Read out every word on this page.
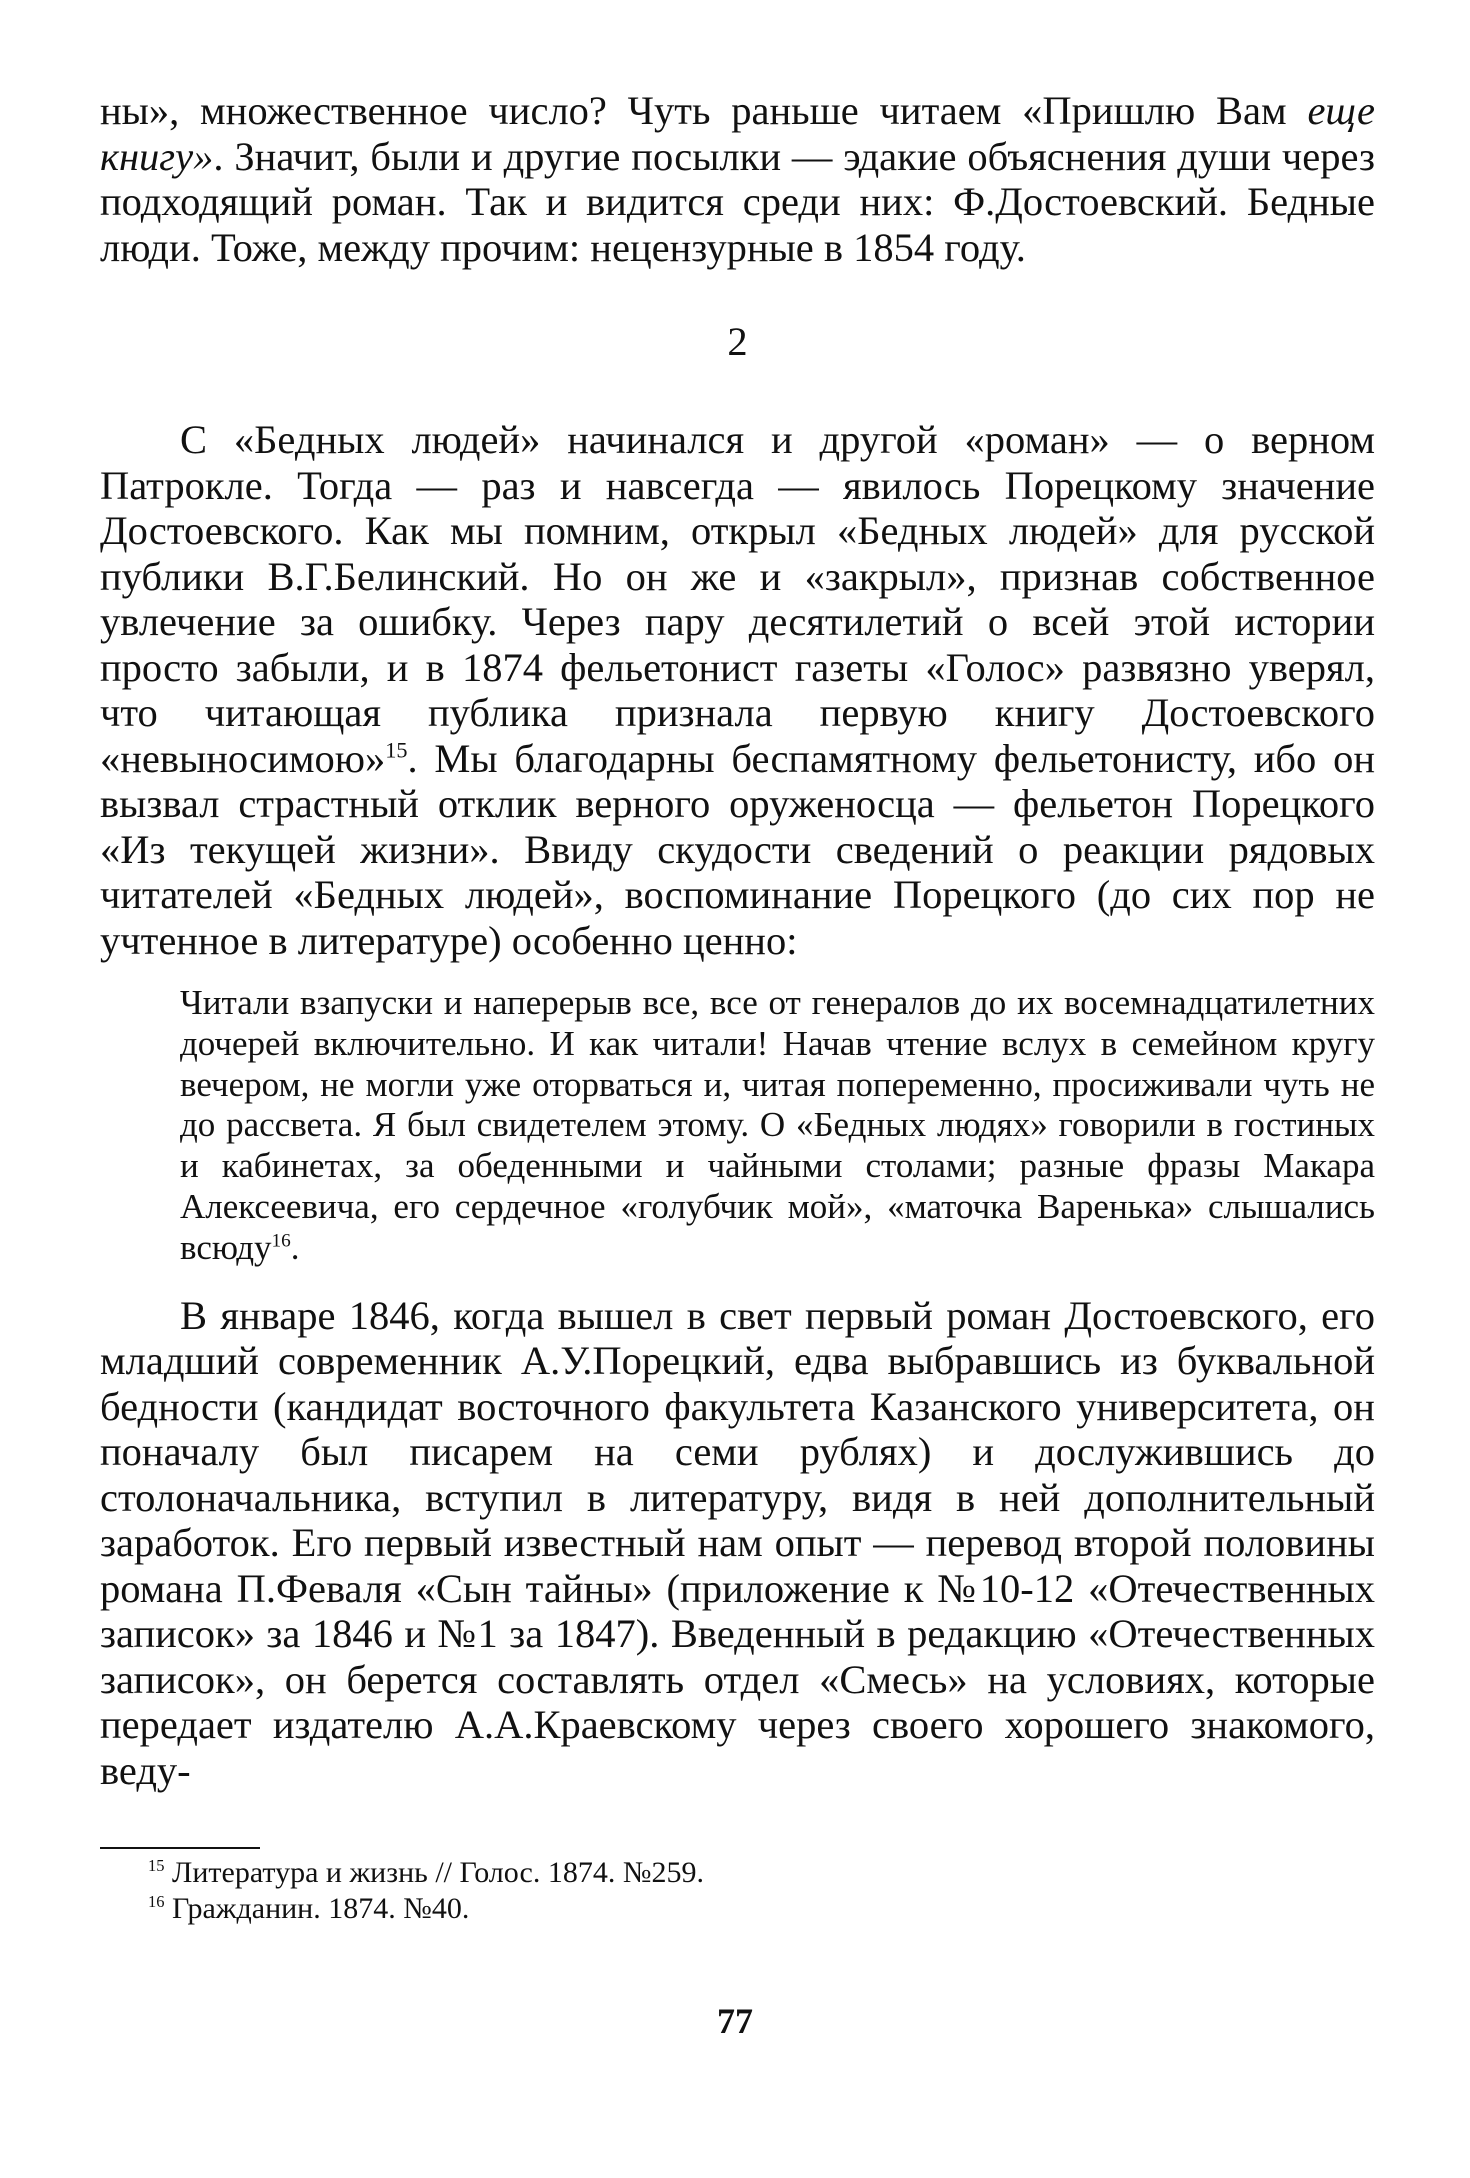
ны», множественное число? Чуть раньше читаем «Пришлю Вам еще книгу». Значит, были и другие посылки — эдакие объяснения души через подходящий роман. Так и видится среди них: Ф.Достоевский. Бедные люди. Тоже, между прочим: нецензурные в 1854 году.

2

С «Бедных людей» начинался и другой «роман» — о верном Патрокле. Тогда — раз и навсегда — явилось Порецкому значение Достоевского. Как мы помним, открыл «Бедных людей» для русской публики В.Г.Белинский. Но он же и «закрыл», признав собственное увлечение за ошибку. Через пару десятилетий о всей этой истории просто забыли, и в 1874 фельетонист газеты «Голос» развязно уверял, что читающая публика признала первую книгу Достоевского «невыносимою»$^{15}$. Мы благодарны беспамятному фельетонисту, ибо он вызвал страстный отклик верного оруженосца — фельетон Порецкого «Из текущей жизни». Ввиду скудости сведений о реакции рядовых читателей «Бедных людей», воспоминание Порецкого (до сих пор не учтенное в литературе) особенно ценно:

Читали взапуски и наперерыв все, все от генералов до их восемнадцатилетних дочерей включительно. И как читали! Начав чтение вслух в семейном кругу вечером, не могли уже оторваться и, читая попеременно, просиживали чуть не до рассвета. Я был свидетелем этому. О «Бедных людях» говорили в гостиных и кабинетах, за обеденными и чайными столами; разные фразы Макара Алексеевича, его сердечное «голубчик мой», «маточка Варенька» слышались всюду$^{16}$.

В январе 1846, когда вышел в свет первый роман Достоевского, его младший современник А.У.Порецкий, едва выбравшись из буквальной бедности (кандидат восточного факультета Казанского университета, он поначалу был писарем на семи рублях) и дослужившись до столоначальника, вступил в литературу, видя в ней дополнительный заработок. Его первый известный нам опыт — перевод второй половины романа П.Феваля «Сын тайны» (приложение к №10-12 «Отечественных записок» за 1846 и №1 за 1847). Введенный в редакцию «Отечественных записок», он берется составлять отдел «Смесь» на условиях, которые передает издателю А.А.Краевскому через своего хорошего знакомого, веду-

$^{15}$ Литература и жизнь // Голос. 1874. №259.

$^{16}$ Гражданин. 1874. №40.

77
